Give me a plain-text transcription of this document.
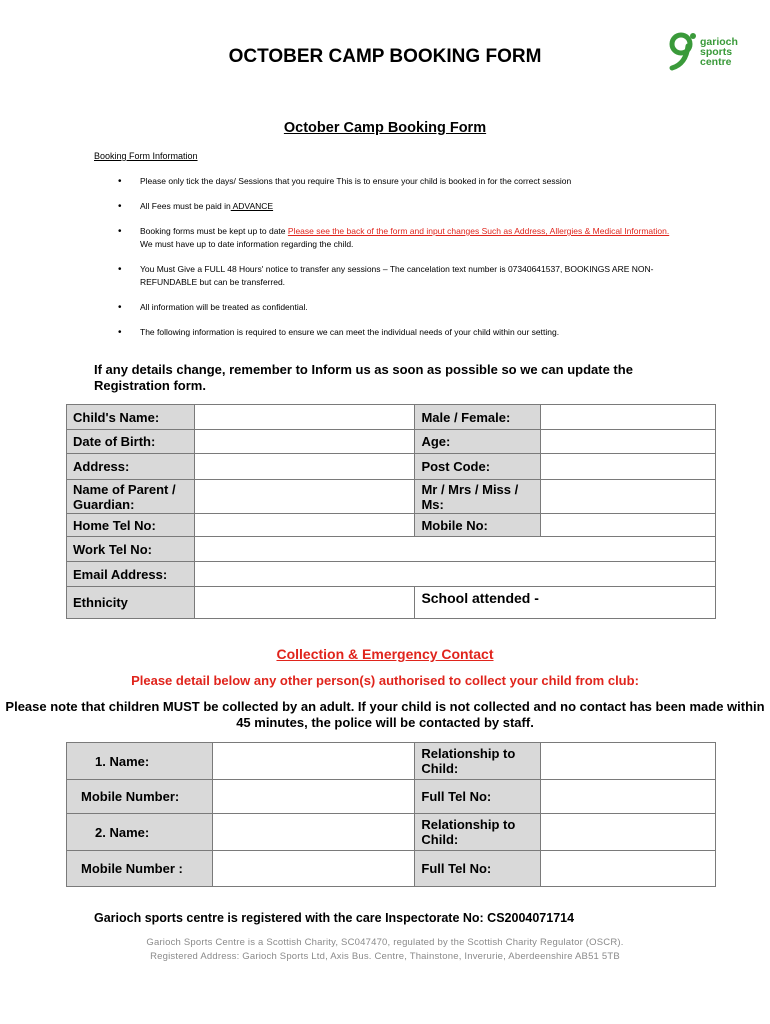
OCTOBER CAMP BOOKING FORM
garioch
sports
centre
October Camp Booking Form
Booking Form Information
• Please only tick the days/ Sessions that you require This is to ensure your child is booked in for the correct session
• All Fees must be paid in ADVANCE
• Booking forms must be kept up to date Please see the back of the form and input changes Such as Address, Allergies & Medical Information. We must have up to date information regarding the child.
• You Must Give a FULL 48 Hours' notice to transfer any sessions – The cancelation text number is 07340641537, BOOKINGS ARE NON-REFUNDABLE but can be transferred.
• All information will be treated as confidential.
• The following information is required to ensure we can meet the individual needs of your child within our setting.
If any details change, remember to Inform us as soon as possible so we can update the Registration form.
Child's Name:		Male / Female:	
Date of Birth:		Age:	
Address:		Post Code:	
Name of Parent / Guardian:		Mr / Mrs / Miss / Ms:	
Home Tel No:		Mobile No:	
Work Tel No:			
Email Address:			
Ethnicity		School attended -	
Collection & Emergency Contact
Please detail below any other person(s) authorised to collect your child from club:
Please note that children MUST be collected by an adult. If your child is not collected and no contact has been made within 45 minutes, the police will be contacted by staff.
1. Name:		Relationship to Child:	
Mobile Number:		Full Tel No:	
2. Name:		Relationship to Child:	
Mobile Number :		Full Tel No:	
Garioch sports centre is registered with the care Inspectorate No: CS2004071714
Garioch Sports Centre is a Scottish Charity, SC047470, regulated by the Scottish Charity Regulator (OSCR).
Registered Address: Garioch Sports Ltd, Axis Bus. Centre, Thainstone, Inverurie, Aberdeenshire AB51 5TB
